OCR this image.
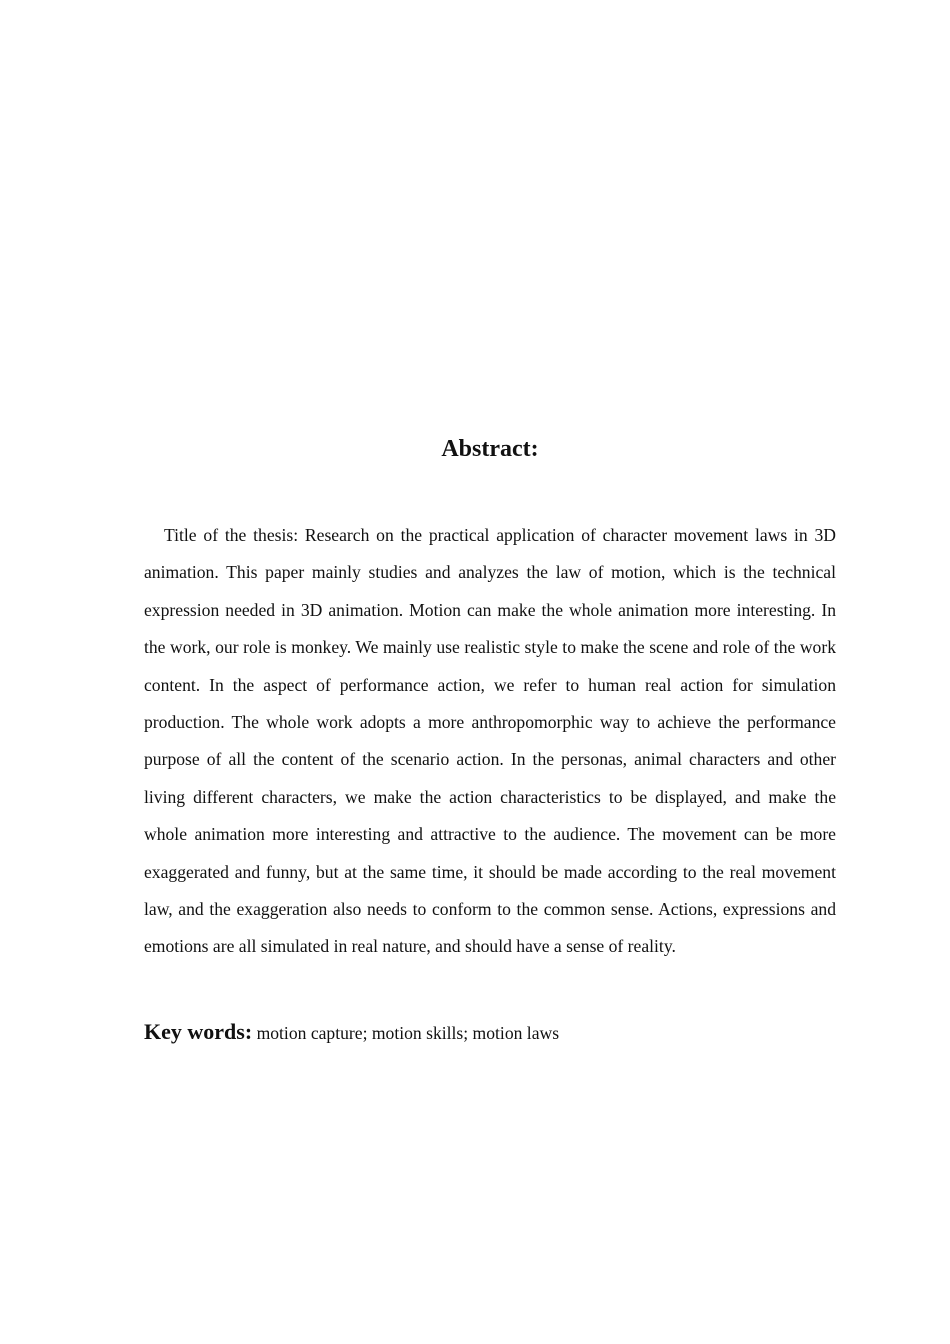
Abstract:

Title of the thesis: Research on the practical application of character movement laws in 3D animation. This paper mainly studies and analyzes the law of motion, which is the technical expression needed in 3D animation. Motion can make the whole animation more interesting. In the work, our role is monkey. We mainly use realistic style to make the scene and role of the work content. In the aspect of performance action, we refer to human real action for simulation production. The whole work adopts a more anthropomorphic way to achieve the performance purpose of all the content of the scenario action. In the personas, animal characters and other living different characters, we make the action characteristics to be displayed, and make the whole animation more interesting and attractive to the audience. The movement can be more exaggerated and funny, but at the same time, it should be made according to the real movement law, and the exaggeration also needs to conform to the common sense. Actions, expressions and emotions are all simulated in real nature, and should have a sense of reality.

Key words: motion capture; motion skills; motion laws
